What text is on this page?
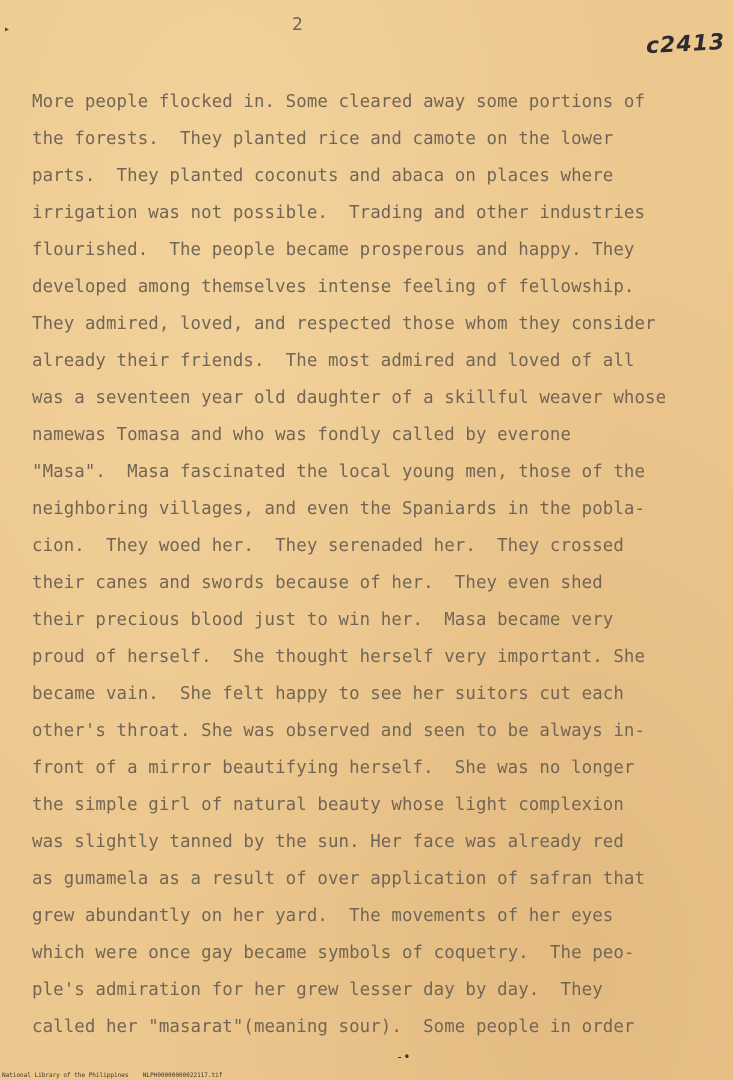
▸	2
c2413
More people flocked in. Some cleared away some portions of
the forests.  They planted rice and camote on the lower
parts.  They planted coconuts and abaca on places where
irrigation was not possible.  Trading and other industries
flourished.  The people became prosperous and happy. They
developed among themselves intense feeling of fellowship.
They admired, loved, and respected those whom they consider
already their friends.  The most admired and loved of all
was a seventeen year old daughter of a skillful weaver whose
namewas Tomasa and who was fondly called by everone
"Masa".  Masa fascinated the local young men, those of the
neighboring villages, and even the Spaniards in the pobla-
cion.  They woed her.  They serenaded her.  They crossed
their canes and swords because of her.  They even shed
their precious blood just to win her.  Masa became very
proud of herself.  She thought herself very important. She
became vain.  She felt happy to see her suitors cut each
other's throat. She was observed and seen to be always in-
front of a mirror beautifying herself.  She was no longer
the simple girl of natural beauty whose light complexion
was slightly tanned by the sun. Her face was already red
as gumamela as a result of over application of safran that
grew abundantly on her yard.  The movements of her eyes
which were once gay became symbols of coquetry.  The peo-
ple's admiration for her grew lesser day by day.  They
called her "masarat"(meaning sour).  Some people in order
-•
National Library of the Philippines    NLPH00000000022117.tif
